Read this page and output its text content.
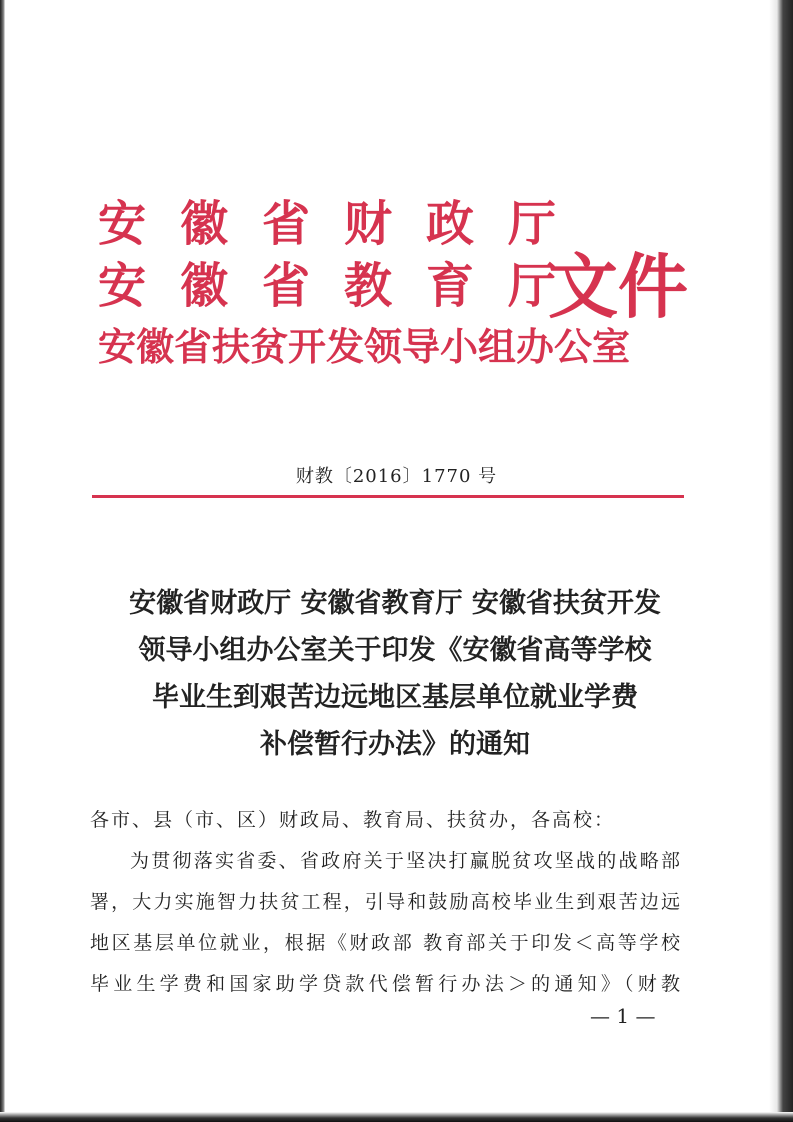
安徽省财政厅
安徽省教育厅
安徽省扶贫开发领导小组办公室
文件
财教〔2016〕1770 号
安徽省财政厅 安徽省教育厅 安徽省扶贫开发
领导小组办公室关于印发《安徽省高等学校
毕业生到艰苦边远地区基层单位就业学费
补偿暂行办法》的通知
各市、县（市、区）财政局、教育局、扶贫办，各高校：
为贯彻落实省委、省政府关于坚决打赢脱贫攻坚战的战略部
署，大力实施智力扶贫工程，引导和鼓励高校毕业生到艰苦边远
地区基层单位就业，根据《财政部 教育部关于印发＜高等学校
毕业生学费和国家助学贷款代偿暂行办法＞的通知》（财教
— 1 —
